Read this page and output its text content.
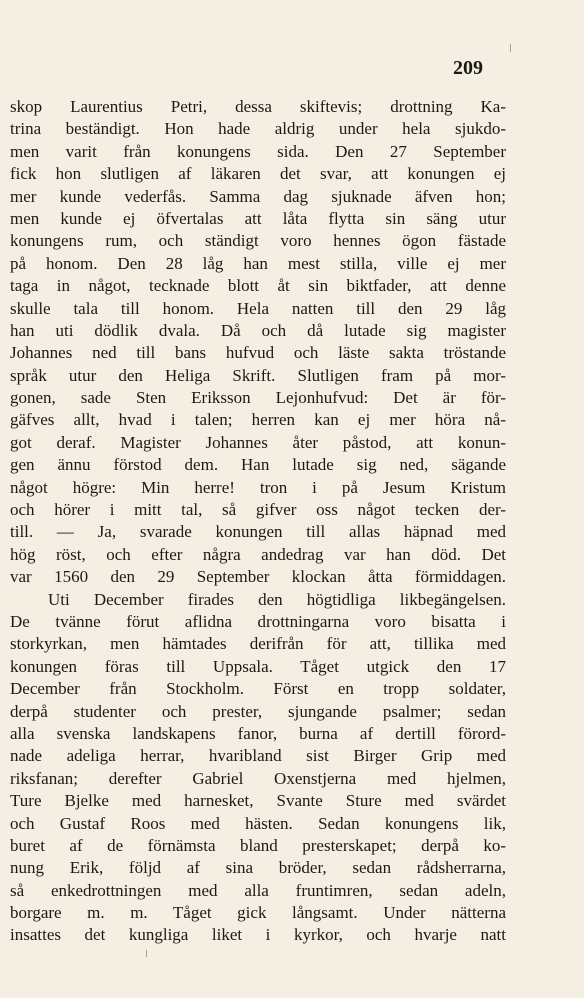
209
skop Laurentius Petri, dessa skiftevis; drottning Ka-
trina beständigt. Hon hade aldrig under hela sjukdo-
men varit från konungens sida. Den 27 September
fick hon slutligen af läkaren det svar, att konungen ej
mer kunde vederfås. Samma dag sjuknade äfven hon;
men kunde ej öfvertalas att låta flytta sin säng utur
konungens rum, och ständigt voro hennes ögon fästade
på honom. Den 28 låg han mest stilla, ville ej mer
taga in något, tecknade blott åt sin biktfader, att denne
skulle tala till honom. Hela natten till den 29 låg
han uti dödlik dvala. Då och då lutade sig magister
Johannes ned till bans hufvud och läste sakta tröstande
språk utur den Heliga Skrift. Slutligen fram på mor-
gonen, sade Sten Eriksson Lejonhufvud: Det är för-
gäfves allt, hvad i talen; herren kan ej mer höra nå-
got deraf. Magister Johannes åter påstod, att konun-
gen ännu förstod dem. Han lutade sig ned, sägande
något högre: Min herre! tron i på Jesum Kristum
och hörer i mitt tal, så gifver oss något tecken der-
till. — Ja, svarade konungen till allas häpnad med
hög röst, och efter några andedrag var han död. Det
var 1560 den 29 September klockan åtta förmiddagen.
Uti December firades den högtidliga likbegängelsen.
De tvänne förut aflidna drottningarna voro bisatta i
storkyrkan, men hämtades derifrån för att, tillika med
konungen föras till Uppsala. Tåget utgick den 17
December från Stockholm. Först en tropp soldater,
derpå studenter och prester, sjungande psalmer; sedan
alla svenska landskapens fanor, burna af dertill förord-
nade adeliga herrar, hvaribland sist Birger Grip med
riksfanan; derefter Gabriel Oxenstjerna med hjelmen,
Ture Bjelke med harnesket, Svante Sture med svärdet
och Gustaf Roos med hästen. Sedan konungens lik,
buret af de förnämsta bland presterskapet; derpå ko-
nung Erik, följd af sina bröder, sedan rådsherrarna,
så enkedrottningen med alla fruntimren, sedan adeln,
borgare m. m. Tåget gick långsamt. Under nätterna
insattes det kungliga liket i kyrkor, och hvarje natt
